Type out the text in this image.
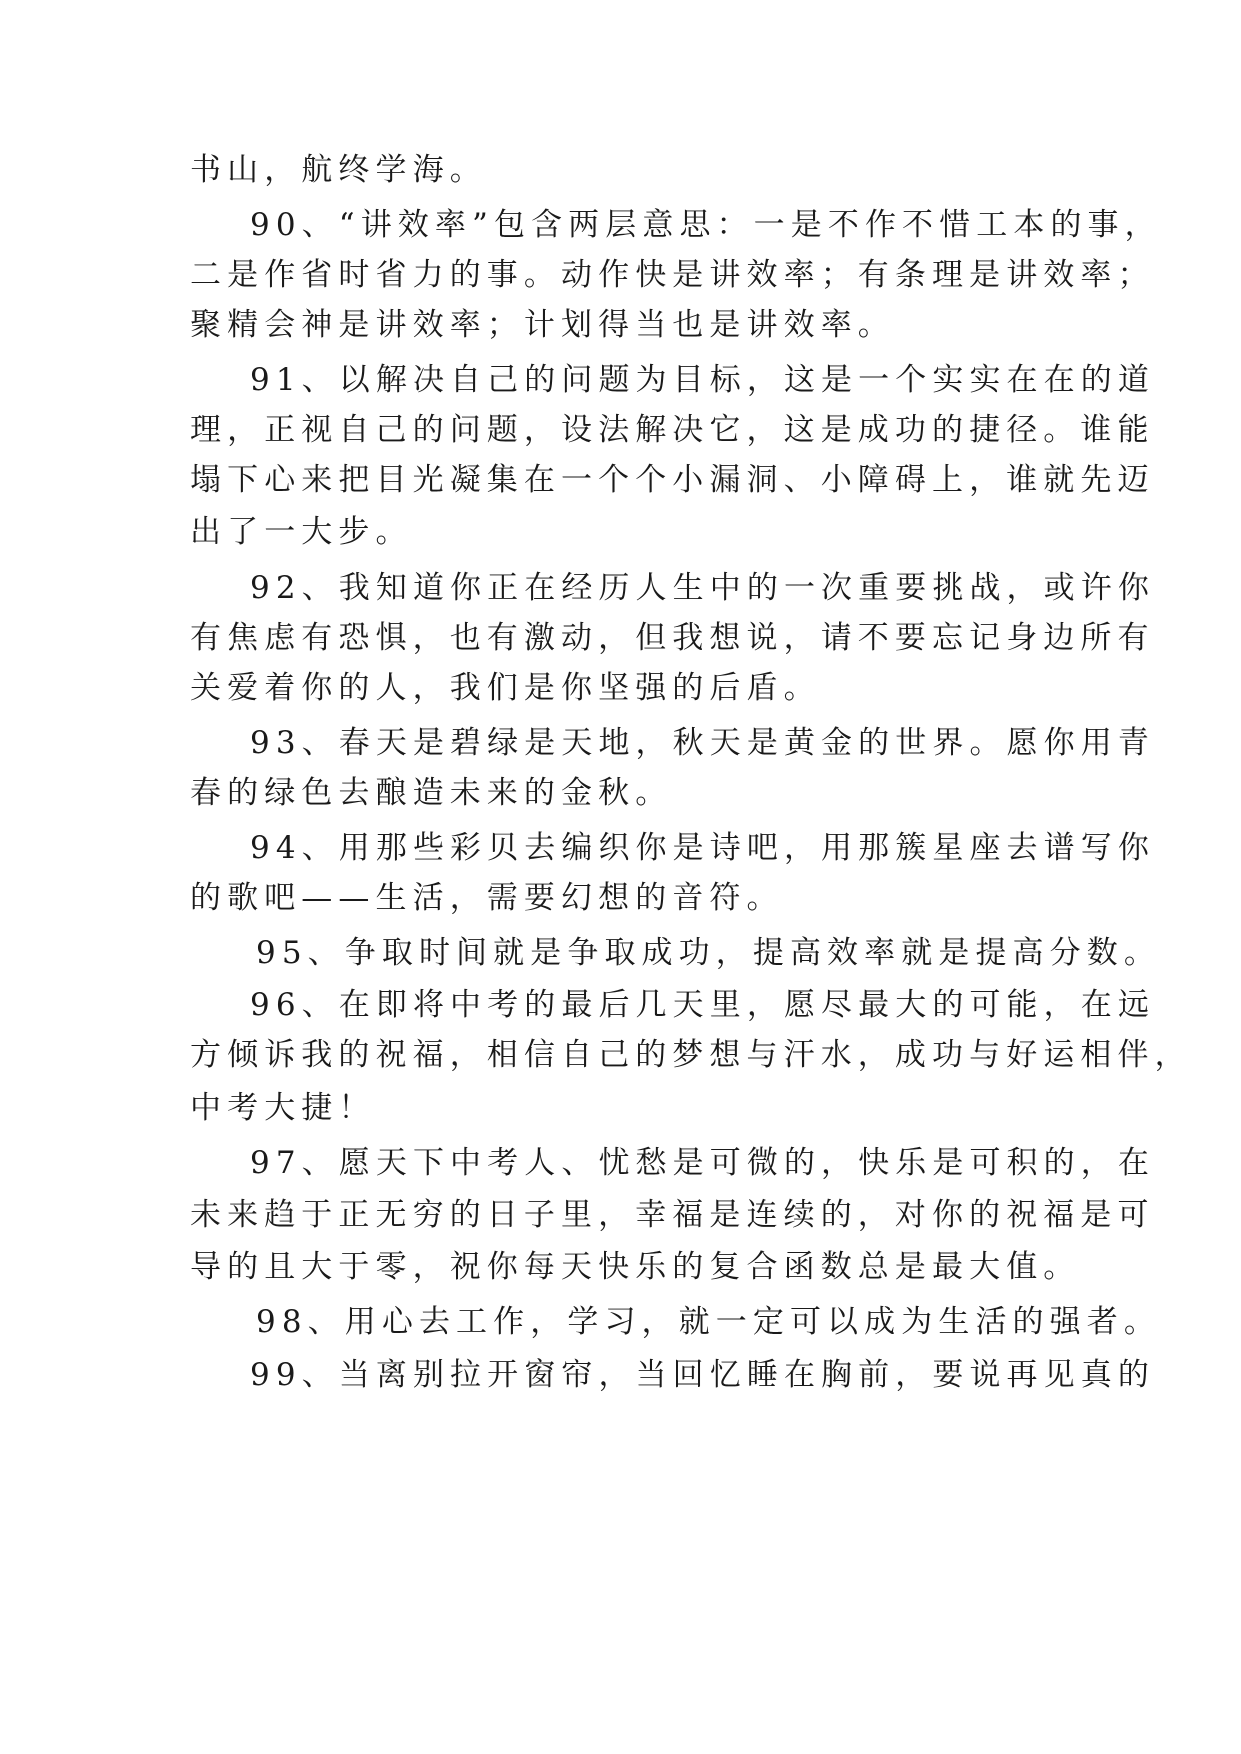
书山，航终学海。

90、“讲效率”包含两层意思：一是不作不惜工本的事，

二是作省时省力的事。动作快是讲效率；有条理是讲效率；

聚精会神是讲效率；计划得当也是讲效率。

91、以解决自己的问题为目标，这是一个实实在在的道

理，正视自己的问题，设法解决它，这是成功的捷径。谁能

塌下心来把目光凝集在一个个小漏洞、小障碍上，谁就先迈

出了一大步。

92、我知道你正在经历人生中的一次重要挑战，或许你

有焦虑有恐惧，也有激动，但我想说，请不要忘记身边所有

关爱着你的人，我们是你坚强的后盾。

93、春天是碧绿是天地，秋天是黄金的世界。愿你用青

春的绿色去酿造未来的金秋。

94、用那些彩贝去编织你是诗吧，用那簇星座去谱写你

的歌吧——生活，需要幻想的音符。

95、争取时间就是争取成功，提高效率就是提高分数。

96、在即将中考的最后几天里，愿尽最大的可能，在远

方倾诉我的祝福，相信自己的梦想与汗水，成功与好运相伴，

中考大捷！

97、愿天下中考人、忧愁是可微的，快乐是可积的，在

未来趋于正无穷的日子里，幸福是连续的，对你的祝福是可

导的且大于零，祝你每天快乐的复合函数总是最大值。

98、用心去工作，学习，就一定可以成为生活的强者。

99、当离别拉开窗帘，当回忆睡在胸前，要说再见真的
